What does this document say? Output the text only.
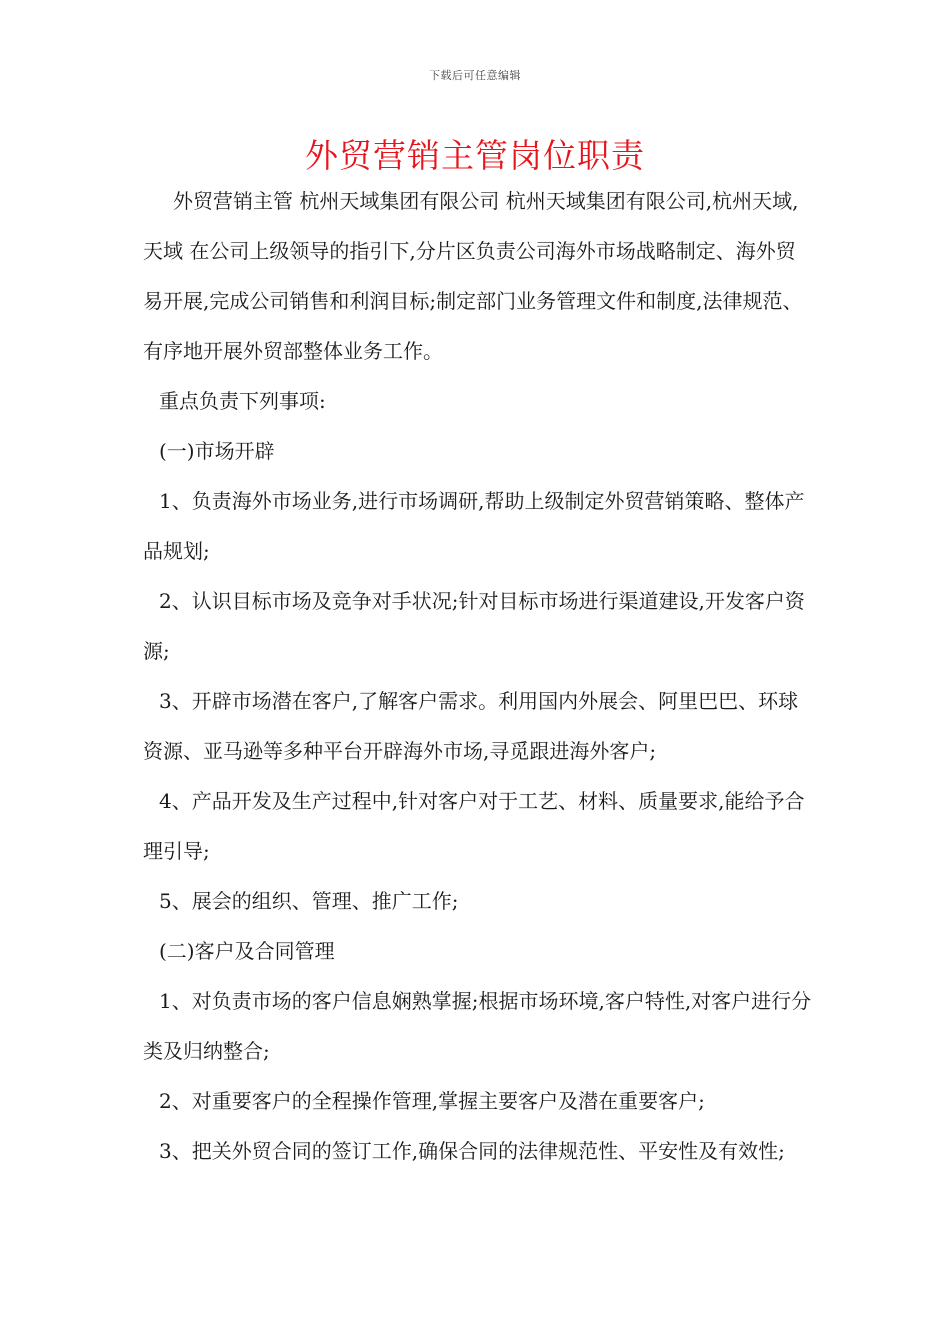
下载后可任意编辑
外贸营销主管岗位职责

外贸营销主管 杭州天域集团有限公司 杭州天域集团有限公司,杭州天域,天域 在公司上级领导的指引下,分片区负责公司海外市场战略制定、海外贸易开展,完成公司销售和利润目标;制定部门业务管理文件和制度,法律规范、有序地开展外贸部整体业务工作。

重点负责下列事项:

(一)市场开辟

1、负责海外市场业务,进行市场调研,帮助上级制定外贸营销策略、整体产品规划;

2、认识目标市场及竞争对手状况;针对目标市场进行渠道建设,开发客户资源;

3、开辟市场潜在客户,了解客户需求。利用国内外展会、阿里巴巴、环球资源、亚马逊等多种平台开辟海外市场,寻觅跟进海外客户;

4、产品开发及生产过程中,针对客户对于工艺、材料、质量要求,能给予合理引导;

5、展会的组织、管理、推广工作;

(二)客户及合同管理

1、对负责市场的客户信息娴熟掌握;根据市场环境,客户特性,对客户进行分类及归纳整合;

2、对重要客户的全程操作管理,掌握主要客户及潜在重要客户;

3、把关外贸合同的签订工作,确保合同的法律规范性、平安性及有效性;
